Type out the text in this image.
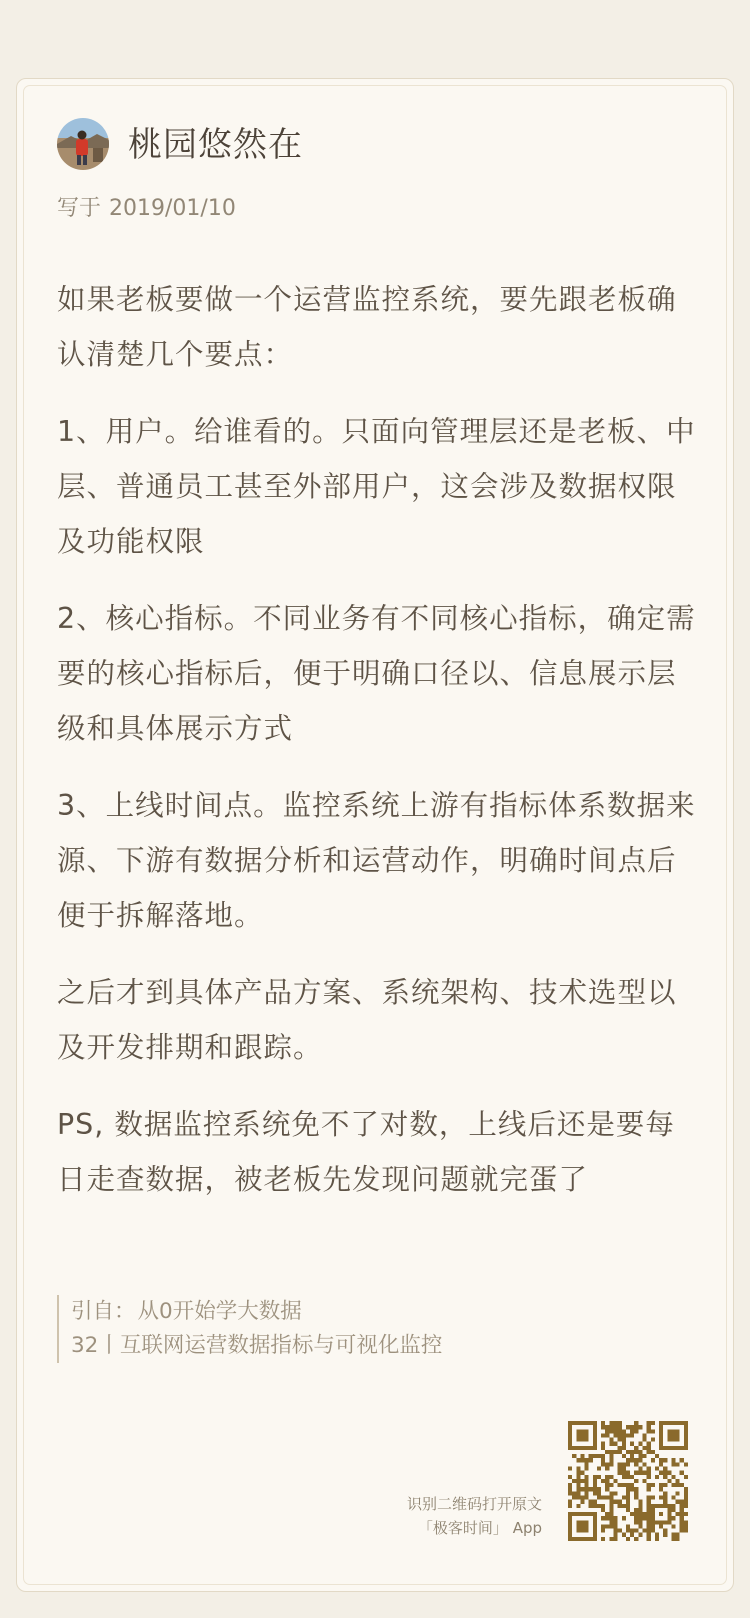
桃园悠然在
写于 2019/01/10

如果老板要做一个运营监控系统，要先跟老板确认清楚几个要点：

1、用户。给谁看的。只面向管理层还是老板、中层、普通员工甚至外部用户，这会涉及数据权限及功能权限

2、核心指标。不同业务有不同核心指标，确定需要的核心指标后，便于明确口径以、信息展示层级和具体展示方式

3、上线时间点。监控系统上游有指标体系数据来源、下游有数据分析和运营动作，明确时间点后便于拆解落地。

之后才到具体产品方案、系统架构、技术选型以及开发排期和跟踪。

PS, 数据监控系统免不了对数，上线后还是要每日走查数据，被老板先发现问题就完蛋了

引自：从0开始学大数据
32丨互联网运营数据指标与可视化监控
识别二维码打开原文
「极客时间」 App
